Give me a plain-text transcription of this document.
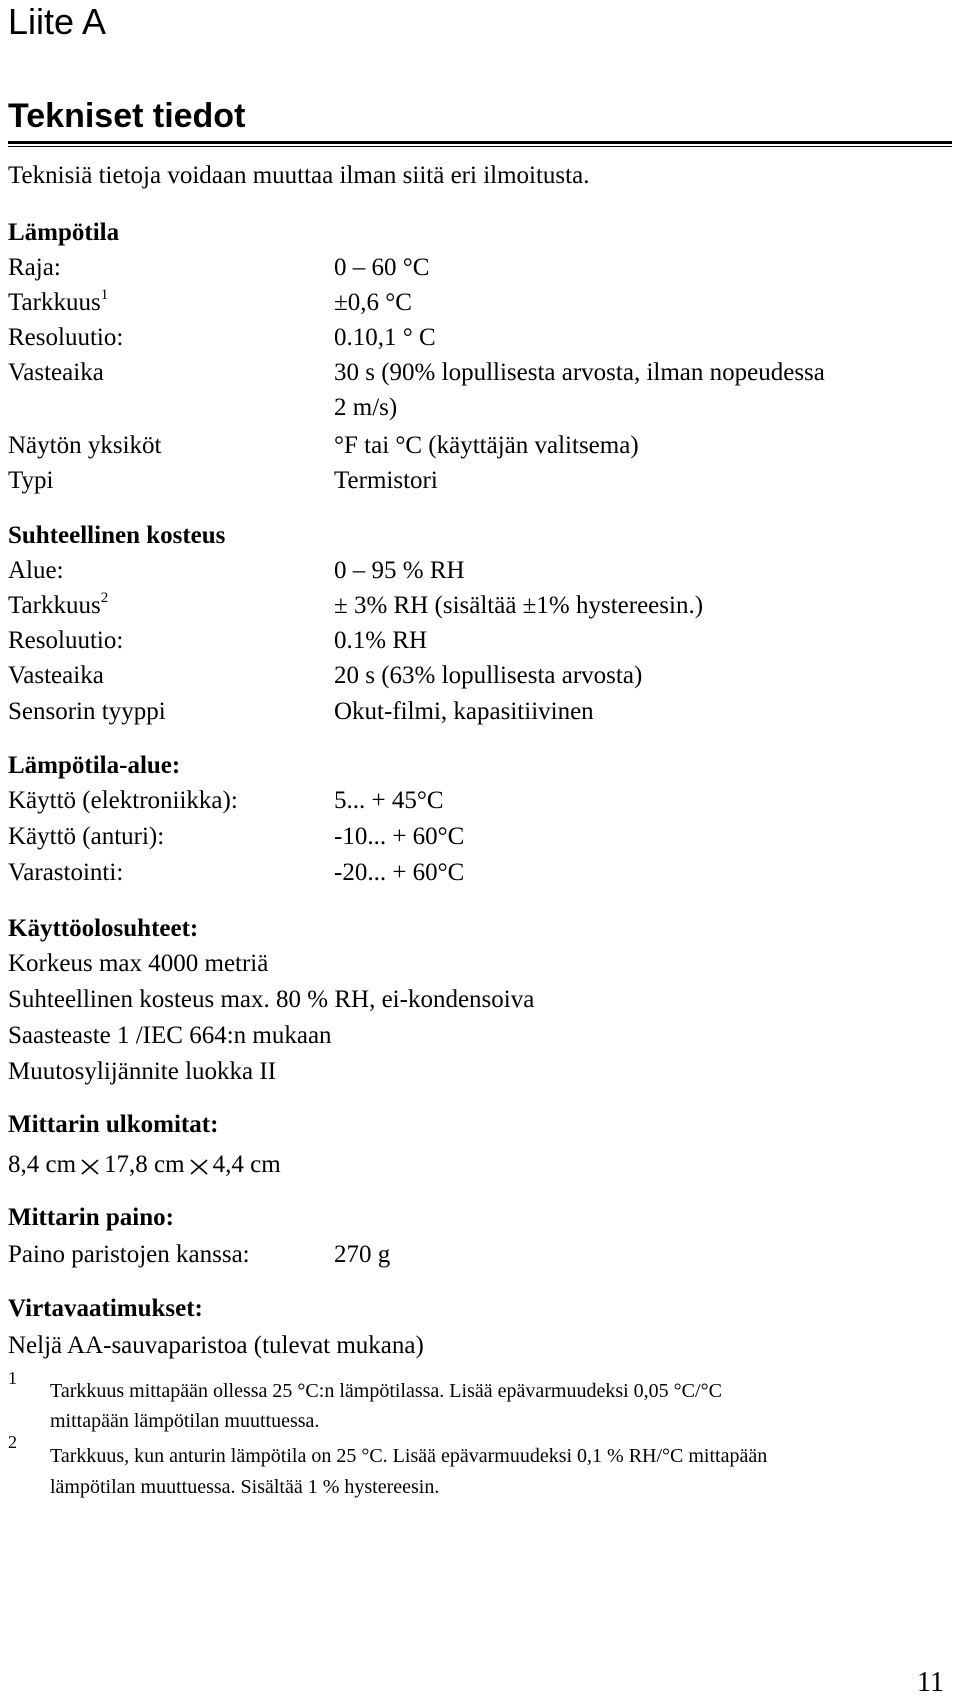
Liite A
Tekniset tiedot
Teknisiä tietoja voidaan muuttaa ilman siitä eri ilmoitusta.
Lämpötila
Raja:	0 – 60 °C
Tarkkuus$^1$	±0,6 °C
Resoluutio:	0.10,1 ° C
Vasteaika	30 s (90% lopullisesta arvosta, ilman nopeudessa
2 m/s)
Näytön yksiköt	°F tai °C (käyttäjän valitsema)
Typi	Termistori
Suhteellinen kosteus
Alue:	0 – 95 % RH
Tarkkuus$^2$	± 3% RH (sisältää ±1% hystereesin.)
Resoluutio:	0.1% RH
Vasteaika	20 s (63% lopullisesta arvosta)
Sensorin tyyppi	Okut-filmi, kapasitiivinen
Lämpötila-alue:
Käyttö (elektroniikka):	5... + 45°C
Käyttö (anturi):	-10... + 60°C
Varastointi:	-20... + 60°C
Käyttöolosuhteet:
Korkeus max 4000 metriä
Suhteellinen kosteus max. 80 % RH, ei-kondensoiva
Saasteaste 1 /IEC 664:n mukaan
Muutosylijännite luokka II
Mittarin ulkomitat:
8,4 cm 17,8 cm 4,4 cm
Mittarin paino:
Paino paristojen kanssa:	270 g
Virtavaatimukset:
Neljä AA-sauvaparistoa (tulevat mukana)
1
Tarkkuus mittapään ollessa 25 °C:n lämpötilassa. Lisää epävarmuudeksi 0,05 °C/°C
mittapään lämpötilan muuttuessa.
2
Tarkkuus, kun anturin lämpötila on 25 °C. Lisää epävarmuudeksi 0,1 % RH/°C mittapään
lämpötilan muuttuessa. Sisältää 1 % hystereesin.
11
